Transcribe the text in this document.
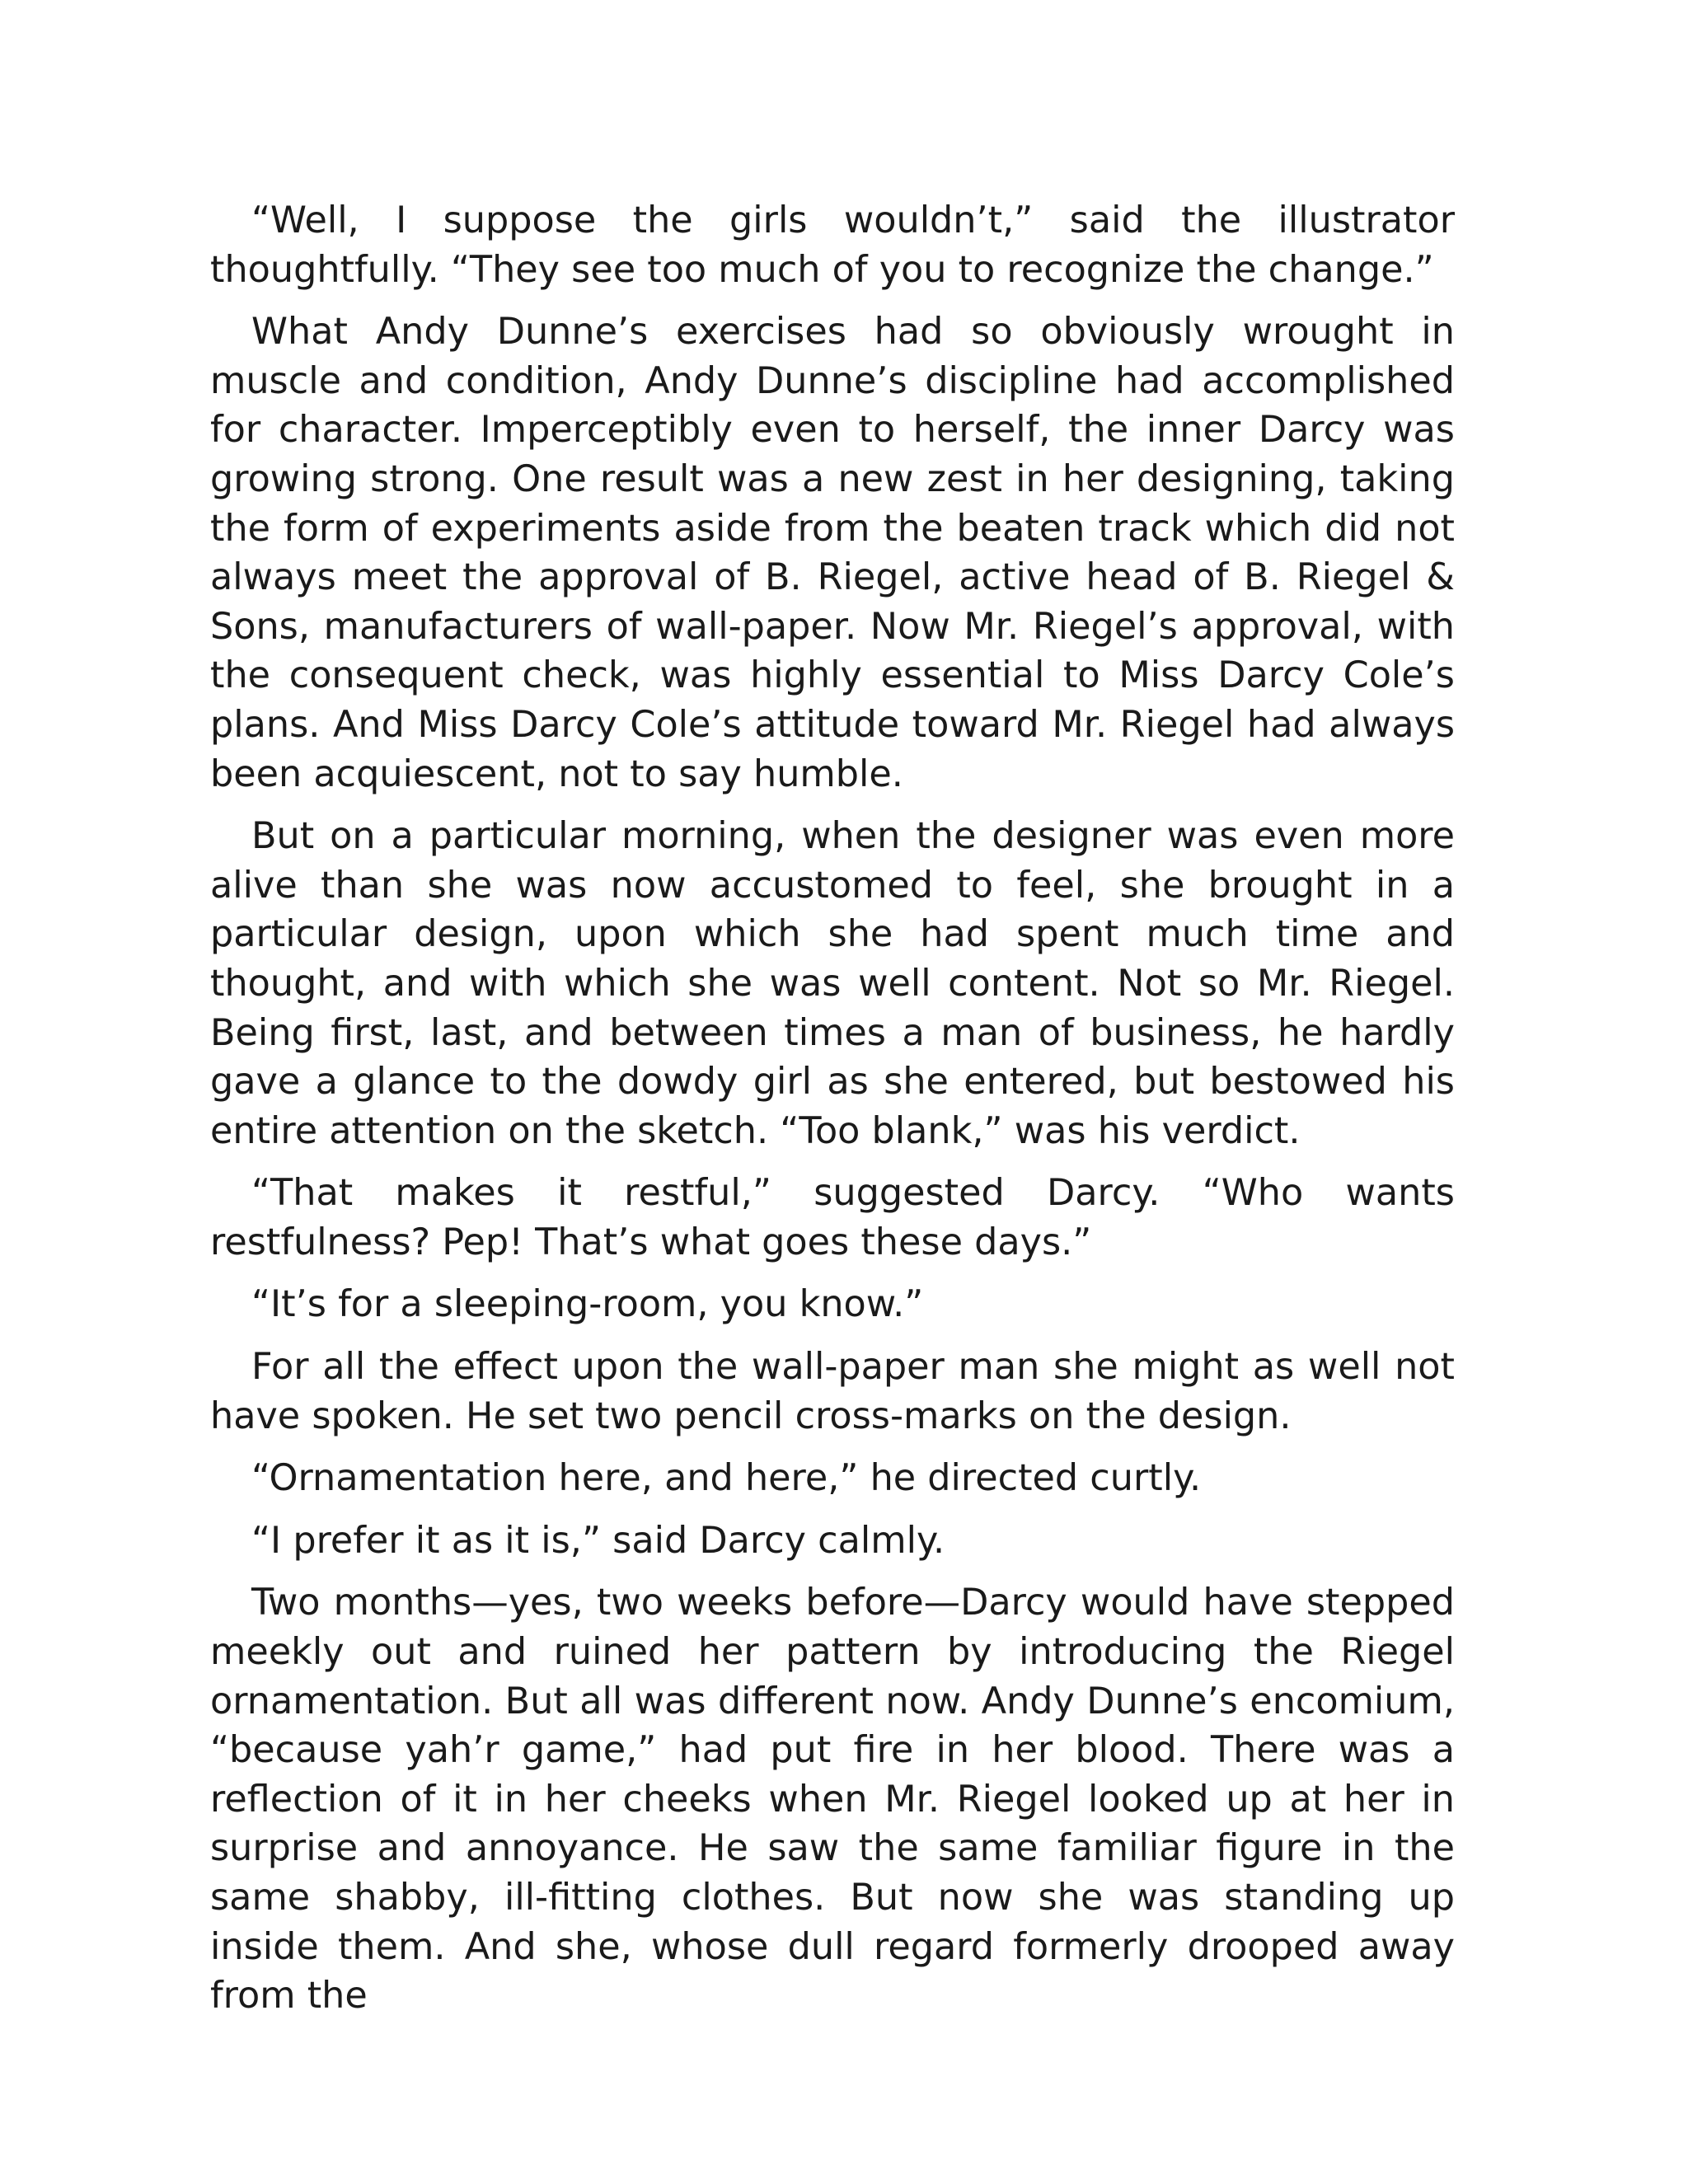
“Well, I suppose the girls wouldn’t,” said the illustrator thoughtfully. “They see too much of you to recognize the change.”

What Andy Dunne’s exercises had so obviously wrought in muscle and condition, Andy Dunne’s discipline had accomplished for character. Imperceptibly even to herself, the inner Darcy was growing strong. One result was a new zest in her designing, taking the form of experiments aside from the beaten track which did not always meet the approval of B. Riegel, active head of B. Riegel & Sons, manufacturers of wall-paper. Now Mr. Riegel’s approval, with the consequent check, was highly essential to Miss Darcy Cole’s plans. And Miss Darcy Cole’s attitude toward Mr. Riegel had always been acquiescent, not to say humble.

But on a particular morning, when the designer was even more alive than she was now accustomed to feel, she brought in a particular design, upon which she had spent much time and thought, and with which she was well content. Not so Mr. Riegel. Being first, last, and between times a man of business, he hardly gave a glance to the dowdy girl as she entered, but bestowed his entire attention on the sketch. “Too blank,” was his verdict.

“That makes it restful,” suggested Darcy. “Who wants restfulness? Pep! That’s what goes these days.”

“It’s for a sleeping-room, you know.”

For all the effect upon the wall-paper man she might as well not have spoken. He set two pencil cross-marks on the design.

“Ornamentation here, and here,” he directed curtly.

“I prefer it as it is,” said Darcy calmly.

Two months—yes, two weeks before—Darcy would have stepped meekly out and ruined her pattern by introducing the Riegel ornamentation. But all was different now. Andy Dunne’s encomium, “because yah’r game,” had put fire in her blood. There was a reflection of it in her cheeks when Mr. Riegel looked up at her in surprise and annoyance. He saw the same familiar figure in the same shabby, ill-fitting clothes. But now she was standing up inside them. And she, whose dull regard formerly drooped away from the
